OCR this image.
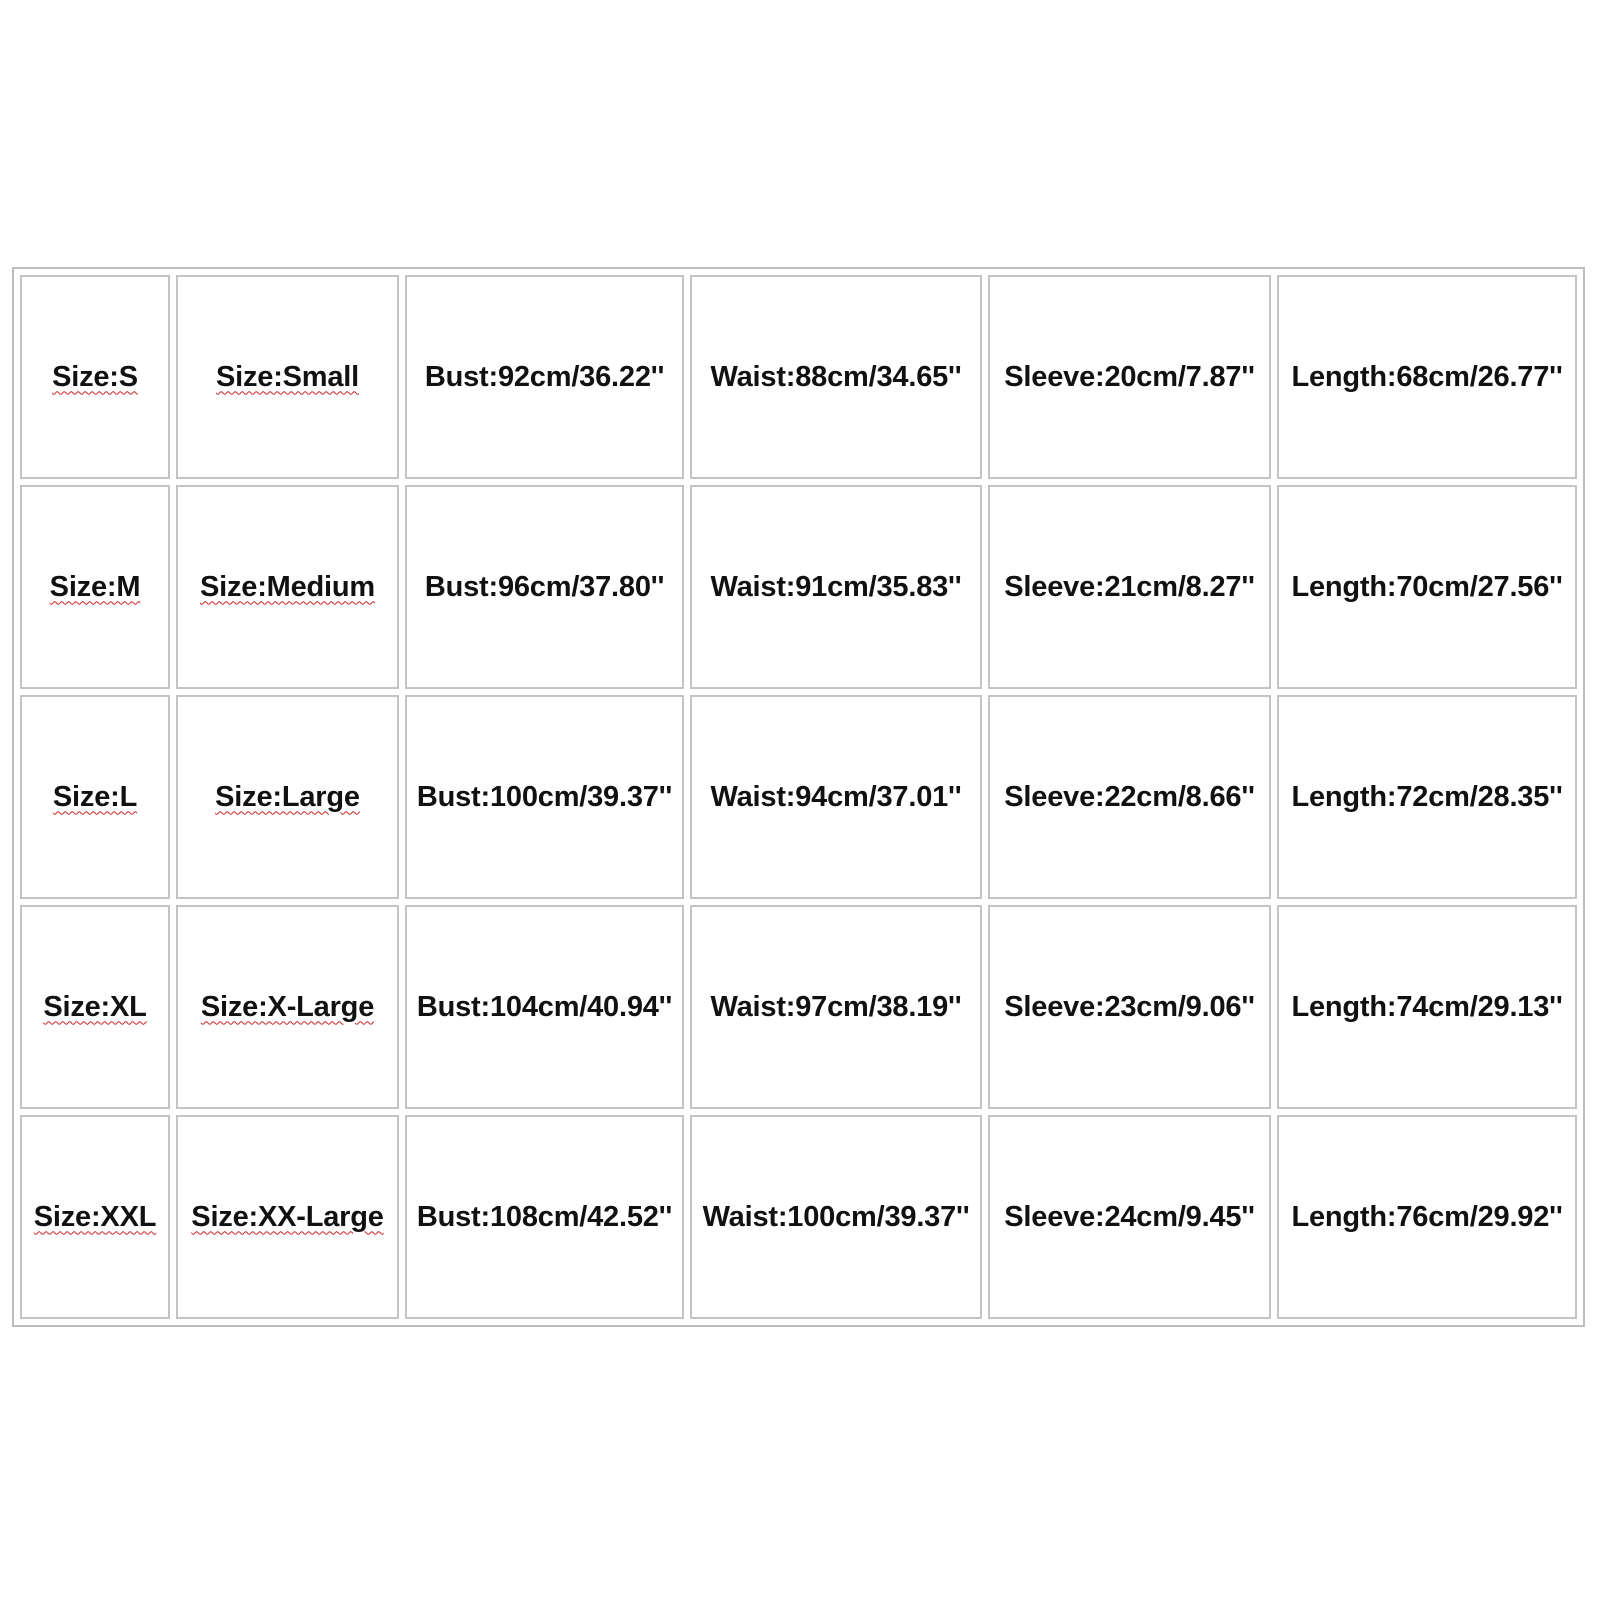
Size:S	Size:Small	Bust:92cm/36.22''	Waist:88cm/34.65''	Sleeve:20cm/7.87''	Length:68cm/26.77''
Size:M	Size:Medium	Bust:96cm/37.80''	Waist:91cm/35.83''	Sleeve:21cm/8.27''	Length:70cm/27.56''
Size:L	Size:Large	Bust:100cm/39.37''	Waist:94cm/37.01''	Sleeve:22cm/8.66''	Length:72cm/28.35''
Size:XL	Size:X-Large	Bust:104cm/40.94''	Waist:97cm/38.19''	Sleeve:23cm/9.06''	Length:74cm/29.13''
Size:XXL	Size:XX-Large	Bust:108cm/42.52''	Waist:100cm/39.37''	Sleeve:24cm/9.45''	Length:76cm/29.92''
